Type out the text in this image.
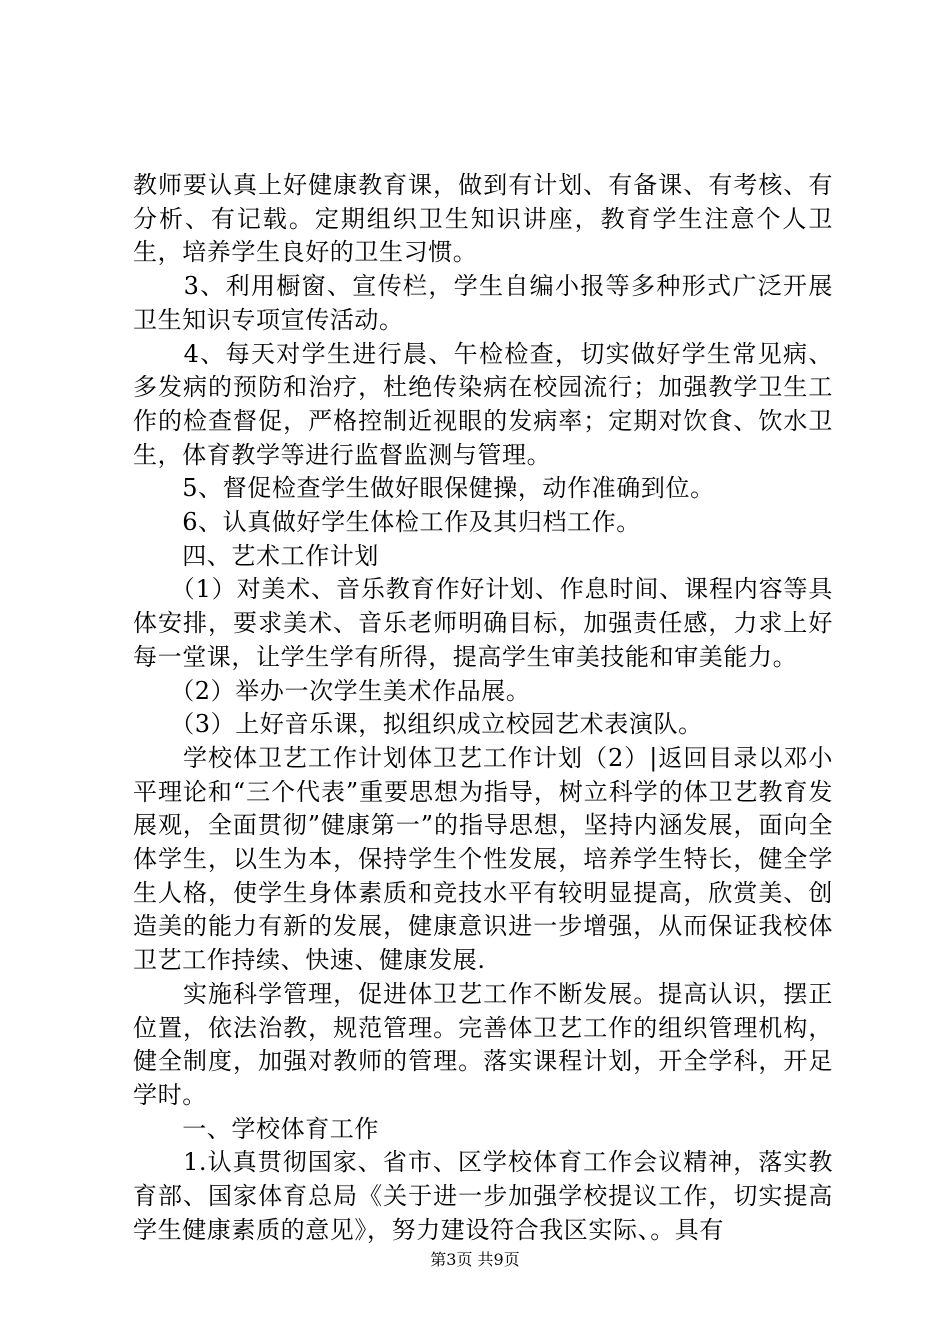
教师要认真上好健康教育课，做到有计划、有备课、有考核、有分析、有记载。定期组织卫生知识讲座，教育学生注意个人卫生，培养学生良好的卫生习惯。

　　3、利用橱窗、宣传栏，学生自编小报等多种形式广泛开展卫生知识专项宣传活动。

　　4、每天对学生进行晨、午检检查，切实做好学生常见病、多发病的预防和治疗，杜绝传染病在校园流行；加强教学卫生工作的检查督促，严格控制近视眼的发病率；定期对饮食、饮水卫生，体育教学等进行监督监测与管理。

　　5、督促检查学生做好眼保健操，动作准确到位。

　　6、认真做好学生体检工作及其归档工作。

　　四、艺术工作计划

　　（1）对美术、音乐教育作好计划、作息时间、课程内容等具体安排，要求美术、音乐老师明确目标，加强责任感，力求上好每一堂课，让学生学有所得，提高学生审美技能和审美能力。

　　（2）举办一次学生美术作品展。

　　（3）上好音乐课，拟组织成立校园艺术表演队。

　　学校体卫艺工作计划体卫艺工作计划（2）|返回目录以邓小平理论和“三个代表”重要思想为指导，树立科学的体卫艺教育发展观，全面贯彻”健康第一”的指导思想，坚持内涵发展，面向全体学生，以生为本，保持学生个性发展，培养学生特长，健全学生人格，使学生身体素质和竞技水平有较明显提高，欣赏美、创造美的能力有新的发展，健康意识进一步增强，从而保证我校体卫艺工作持续、快速、健康发展.

　　实施科学管理，促进体卫艺工作不断发展。提高认识，摆正位置，依法治教，规范管理。完善体卫艺工作的组织管理机构，健全制度，加强对教师的管理。落实课程计划，开全学科，开足学时。

　　一、学校体育工作

　　1.认真贯彻国家、省市、区学校体育工作会议精神，落实教育部、国家体育总局《关于进一步加强学校提议工作，切实提高学生健康素质的意见》，努力建设符合我区实际、。具有

第3页 共9页
